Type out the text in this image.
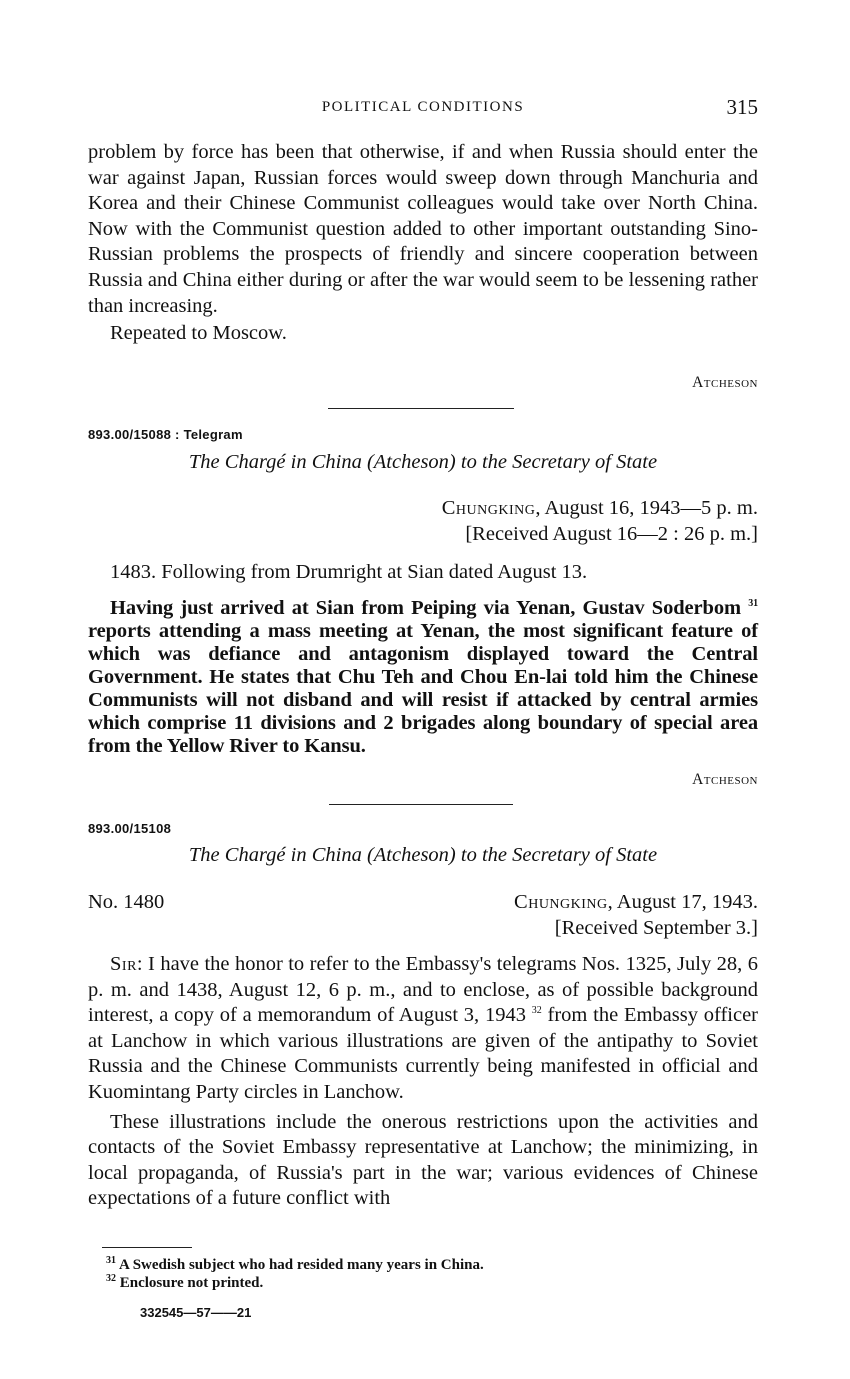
POLITICAL CONDITIONS	315

problem by force has been that otherwise, if and when Russia should enter the war against Japan, Russian forces would sweep down through Manchuria and Korea and their Chinese Communist colleagues would take over North China. Now with the Communist question added to other important outstanding Sino-Russian problems the prospects of friendly and sincere cooperation between Russia and China either during or after the war would seem to be lessening rather than increasing.

Repeated to Moscow.

Atcheson
893.00/15088 : Telegram
The Chargé in China (Atcheson) to the Secretary of State
Chungking, August 16, 1943—5 p. m.
[Received August 16—2 : 26 p. m.]

1483. Following from Drumright at Sian dated August 13.

Having just arrived at Sian from Peiping via Yenan, Gustav Soderbom $^{31}$ reports attending a mass meeting at Yenan, the most significant feature of which was defiance and antagonism displayed toward the Central Government. He states that Chu Teh and Chou En-lai told him the Chinese Communists will not disband and will resist if attacked by central armies which comprise 11 divisions and 2 brigades along boundary of special area from the Yellow River to Kansu.

Atcheson
893.00/15108
The Chargé in China (Atcheson) to the Secretary of State
No. 1480	Chungking, August 17, 1943.
[Received September 3.]

Sir: I have the honor to refer to the Embassy's telegrams Nos. 1325, July 28, 6 p. m. and 1438, August 12, 6 p. m., and to enclose, as of possible background interest, a copy of a memorandum of August 3, 1943 $^{32}$ from the Embassy officer at Lanchow in which various illustrations are given of the antipathy to Soviet Russia and the Chinese Communists currently being manifested in official and Kuomintang Party circles in Lanchow.

These illustrations include the onerous restrictions upon the activities and contacts of the Soviet Embassy representative at Lanchow; the minimizing, in local propaganda, of Russia's part in the war; various evidences of Chinese expectations of a future conflict with

$^{31}$ A Swedish subject who had resided many years in China.

$^{32}$ Enclosure not printed.

332545—57——21
